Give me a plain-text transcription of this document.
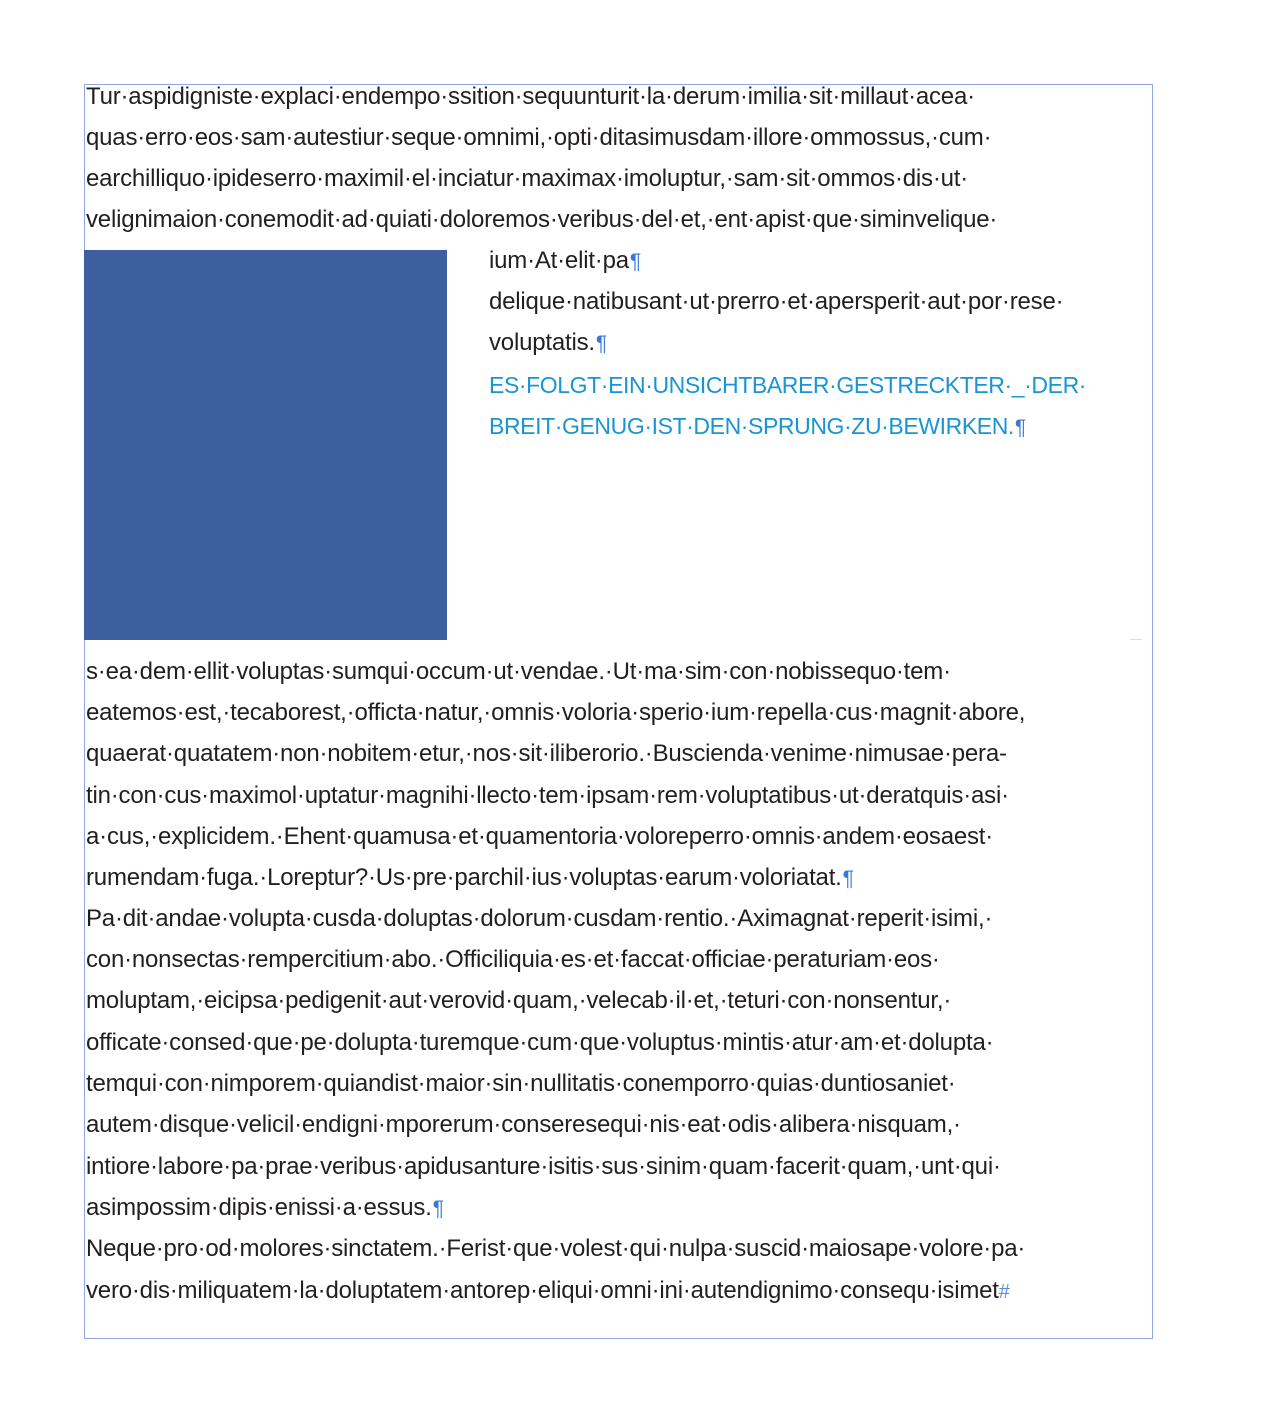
Tur·aspidigniste·explaci·endempo·ssition·sequunturit·la·derum·imilia·sit·millaut·acea·
quas·erro·eos·sam·autestiur·seque·omnimi,·opti·ditasimusdam·illore·ommossus,·cum·
earchilliquo·ipideserro·maximil·el·inciatur·maximax·imoluptur,·sam·sit·ommos·dis·ut·
velignimaion·conemodit·ad·quiati·doloremos·veribus·del·et,·ent·apist·que·siminvelique·
ium·At·elit·pa¶
delique·natibusant·ut·prerro·et·apersperit·aut·por·rese·
voluptatis.¶
ES·FOLGT·EIN·UNSICHTBARER·GESTRECKTER·_·DER·
BREIT·GENUG·IST·DEN·SPRUNG·ZU·BEWIRKEN.¶
s·ea·dem·ellit·voluptas·sumqui·occum·ut·vendae.·Ut·ma·sim·con·nobissequo·tem·
eatemos·est,·tecaborest,·officta·natur,·omnis·voloria·sperio·ium·repella·cus·magnit·abore,
quaerat·quatatem·non·nobitem·etur,·nos·sit·iliberorio.·Buscienda·venime·nimusae·pera-
tin·con·cus·maximol·uptatur·magnihi·llecto·tem·ipsam·rem·voluptatibus·ut·deratquis·asi·
a·cus,·explicidem.·Ehent·quamusa·et·quamentoria·voloreperro·omnis·andem·eosaest·
rumendam·fuga.·Loreptur?·Us·pre·parchil·ius·voluptas·earum·voloriatat.¶
Pa·dit·andae·volupta·cusda·doluptas·dolorum·cusdam·rentio.·Aximagnat·reperit·isimi,·
con·nonsectas·rempercitium·abo.·Officiliquia·es·et·faccat·officiae·peraturiam·eos·
moluptam,·eicipsa·pedigenit·aut·verovid·quam,·velecab·il·et,·teturi·con·nonsentur,·
officate·consed·que·pe·dolupta·turemque·cum·que·voluptus·mintis·atur·am·et·dolupta·
temqui·con·nimporem·quiandist·maior·sin·nullitatis·conemporro·quias·duntiosaniet·
autem·disque·velicil·endigni·mporerum·conseresequi·nis·eat·odis·alibera·nisquam,·
intiore·labore·pa·prae·veribus·apidusanture·isitis·sus·sinim·quam·facerit·quam,·unt·qui·
asimpossim·dipis·enissi·a·essus.¶
Neque·pro·od·molores·sinctatem.·Ferist·que·volest·qui·nulpa·suscid·maiosape·volore·pa·
vero·dis·miliquatem·la·doluptatem·antorep·eliqui·omni·ini·autendignimo·consequ·isimet#
